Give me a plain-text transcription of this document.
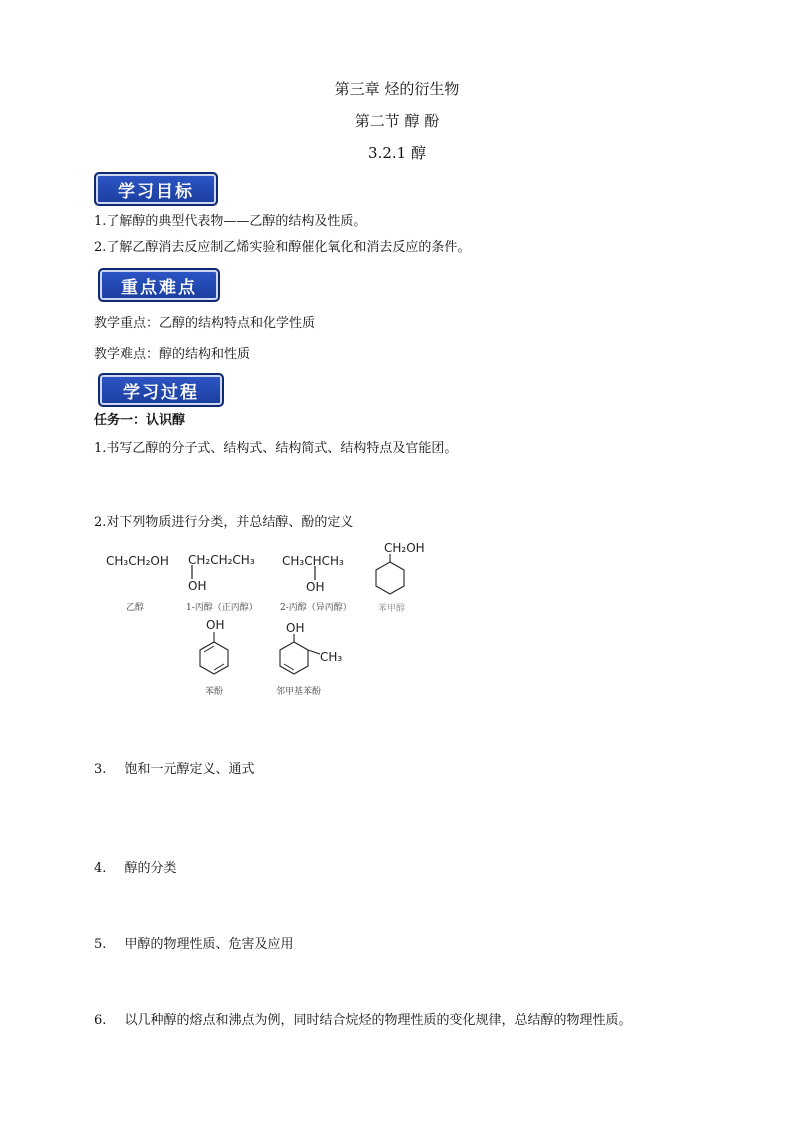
第三章 烃的衍生物
第二节 醇 酚
3.2.1 醇
学习目标
1.了解醇的典型代表物——乙醇的结构及性质。
2.了解乙醇消去反应制乙烯实验和醇催化氧化和消去反应的条件。
重点难点
教学重点：乙醇的结构特点和化学性质
教学难点：醇的结构和性质
学习过程
任务一：认识醇
1.书写乙醇的分子式、结构式、结构简式、结构特点及官能团。
2.对下列物质进行分类，并总结醇、酚的定义
CH₃CH₂OH
乙醇
CH₂CH₂CH₃
OH
1-丙醇（正丙醇）
CH₃CHCH₃
OH
2-丙醇（异丙醇）
CH₂OH
苯甲醇
OH
苯酚
OH
CH₃
邻甲基苯酚
3. 饱和一元醇定义、通式
4. 醇的分类
5. 甲醇的物理性质、危害及应用
6. 以几种醇的熔点和沸点为例，同时结合烷烃的物理性质的变化规律，总结醇的物理性质。
